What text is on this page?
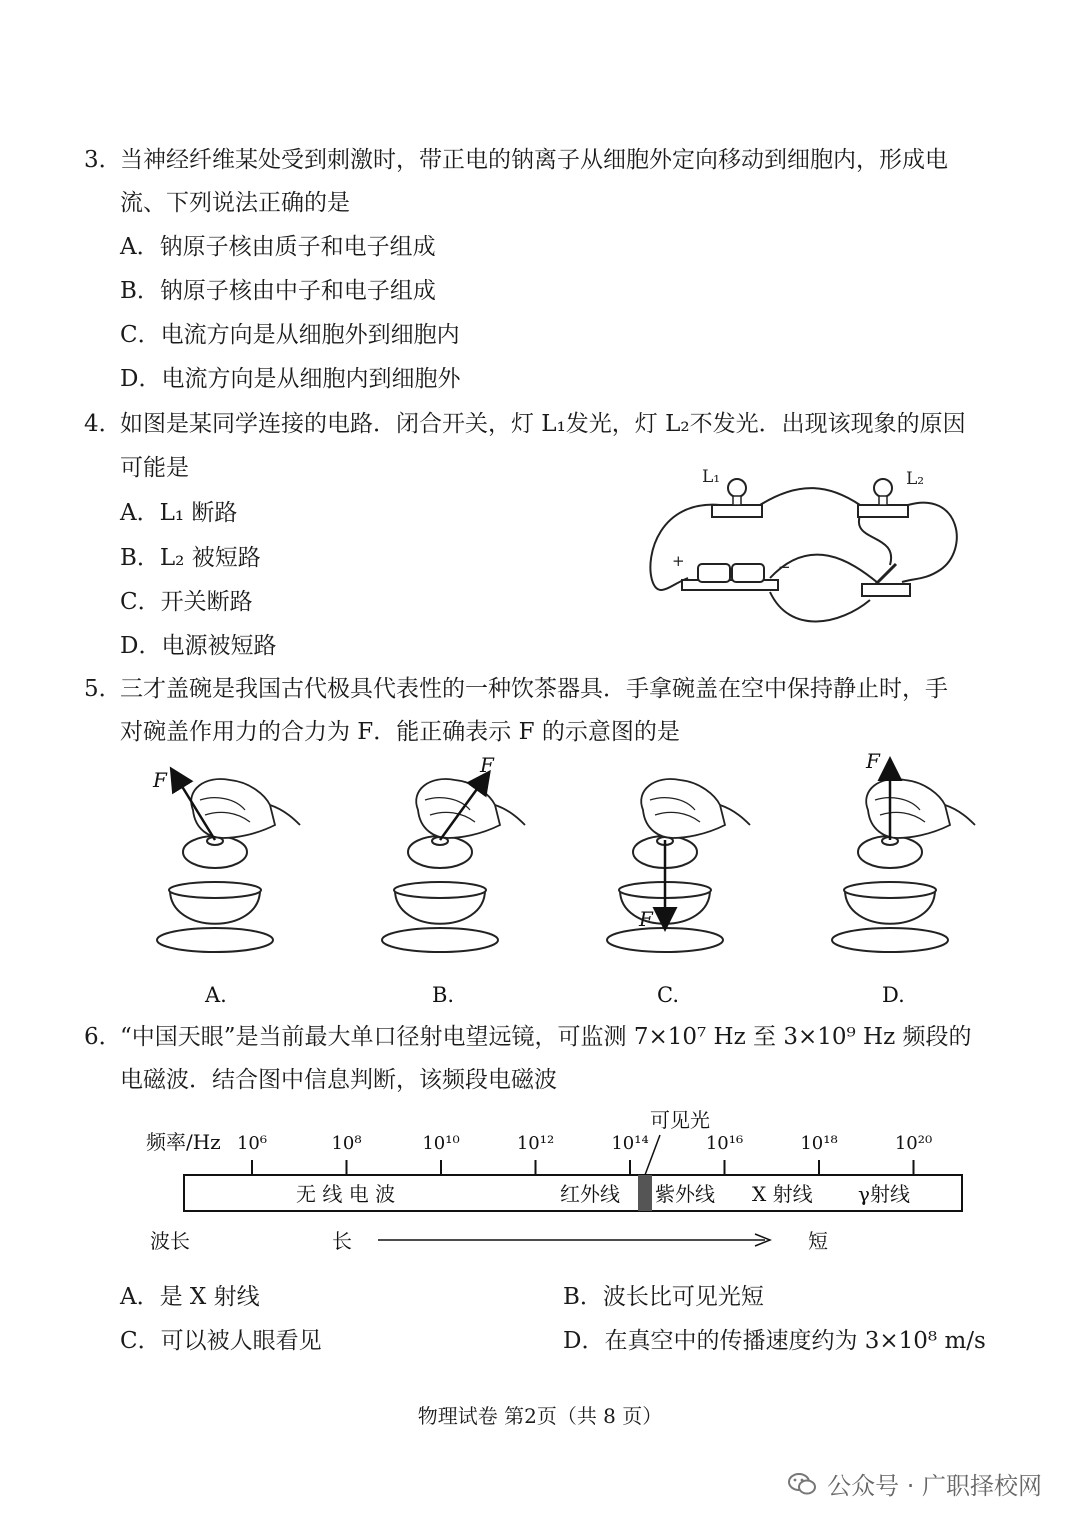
3．
当神经纤维某处受到刺激时，带正电的钠离子从细胞外定向移动到细胞内，形成电
流、下列说法正确的是
A．钠原子核由质子和电子组成
B．钠原子核由中子和电子组成
C．电流方向是从细胞外到细胞内
D．电流方向是从细胞内到细胞外
4．
如图是某同学连接的电路．闭合开关，灯 L₁发光，灯 L₂不发光．出现该现象的原因
可能是
A．L₁ 断路
B．L₂ 被短路
C．开关断路
D．电源被短路
L₁	L₂
+	−
5．
三才盖碗是我国古代极具代表性的一种饮茶器具．手拿碗盖在空中保持静止时，手
对碗盖作用力的合力为 F．能正确表示 F 的示意图的是
F
F
F
F
A.	B.	C.	D.
6．
“中国天眼”是当前最大单口径射电望远镜，可监测 7×10⁷ Hz 至 3×10⁹ Hz 频段的
电磁波．结合图中信息判断，该频段电磁波
频率/Hz 10⁶	10⁸	10¹⁰	10¹²	10¹⁴	10¹⁶	10¹⁸	10²⁰
可见光
无 线 电 波	红外线 紫外线 X 射线 γ射线
波长	长	短
A．是 X 射线	B．波长比可见光短
C．可以被人眼看见	D．在真空中的传播速度约为 3×10⁸ m/s
物理试卷 第2页（共 8 页）
公众号 · 广职择校网
